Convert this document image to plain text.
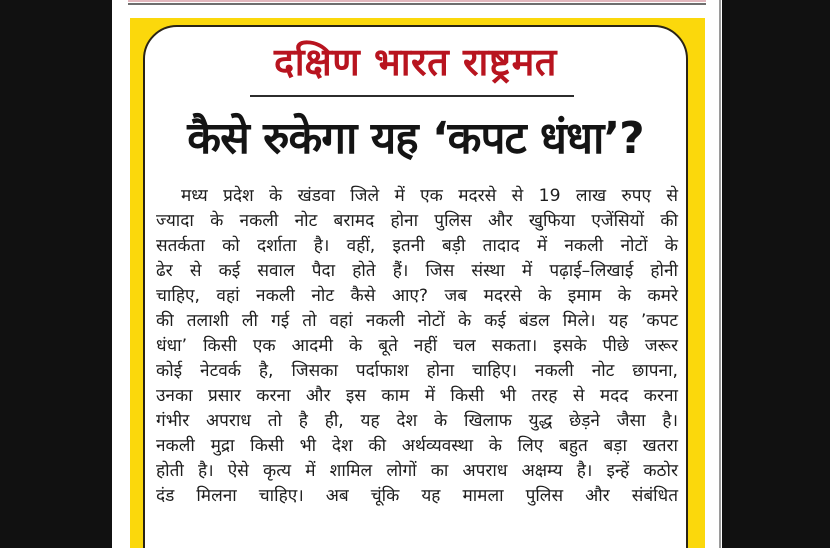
दक्षिण भारत राष्ट्रमत
कैसे रुकेगा यह ‘कपट धंधा’?
मध्य प्रदेश के खंडवा जिले में एक मदरसे से 19 लाख रुपए से
ज्यादा के नकली नोट बरामद होना पुलिस और खुफिया एजेंसियों की
सतर्कता को दर्शाता है। वहीं, इतनी बड़ी तादाद में नकली नोटों के
ढेर से कई सवाल पैदा होते हैं। जिस संस्था में पढ़ाई–लिखाई होनी
चाहिए, वहां नकली नोट कैसे आए? जब मदरसे के इमाम के कमरे
की तलाशी ली गई तो वहां नकली नोटों के कई बंडल मिले। यह ’कपट
धंधा’ किसी एक आदमी के बूते नहीं चल सकता। इसके पीछे जरूर
कोई नेटवर्क है, जिसका पर्दाफाश होना चाहिए। नकली नोट छापना,
उनका प्रसार करना और इस काम में किसी भी तरह से मदद करना
गंभीर अपराध तो है ही, यह देश के खिलाफ युद्ध छेड़ने जैसा है।
नकली मुद्रा किसी भी देश की अर्थव्यवस्था के लिए बहुत बड़ा खतरा
होती है। ऐसे कृत्य में शामिल लोगों का अपराध अक्षम्य है। इन्हें कठोर
दंड मिलना चाहिए। अब चूंकि यह मामला पुलिस और संबंधित
